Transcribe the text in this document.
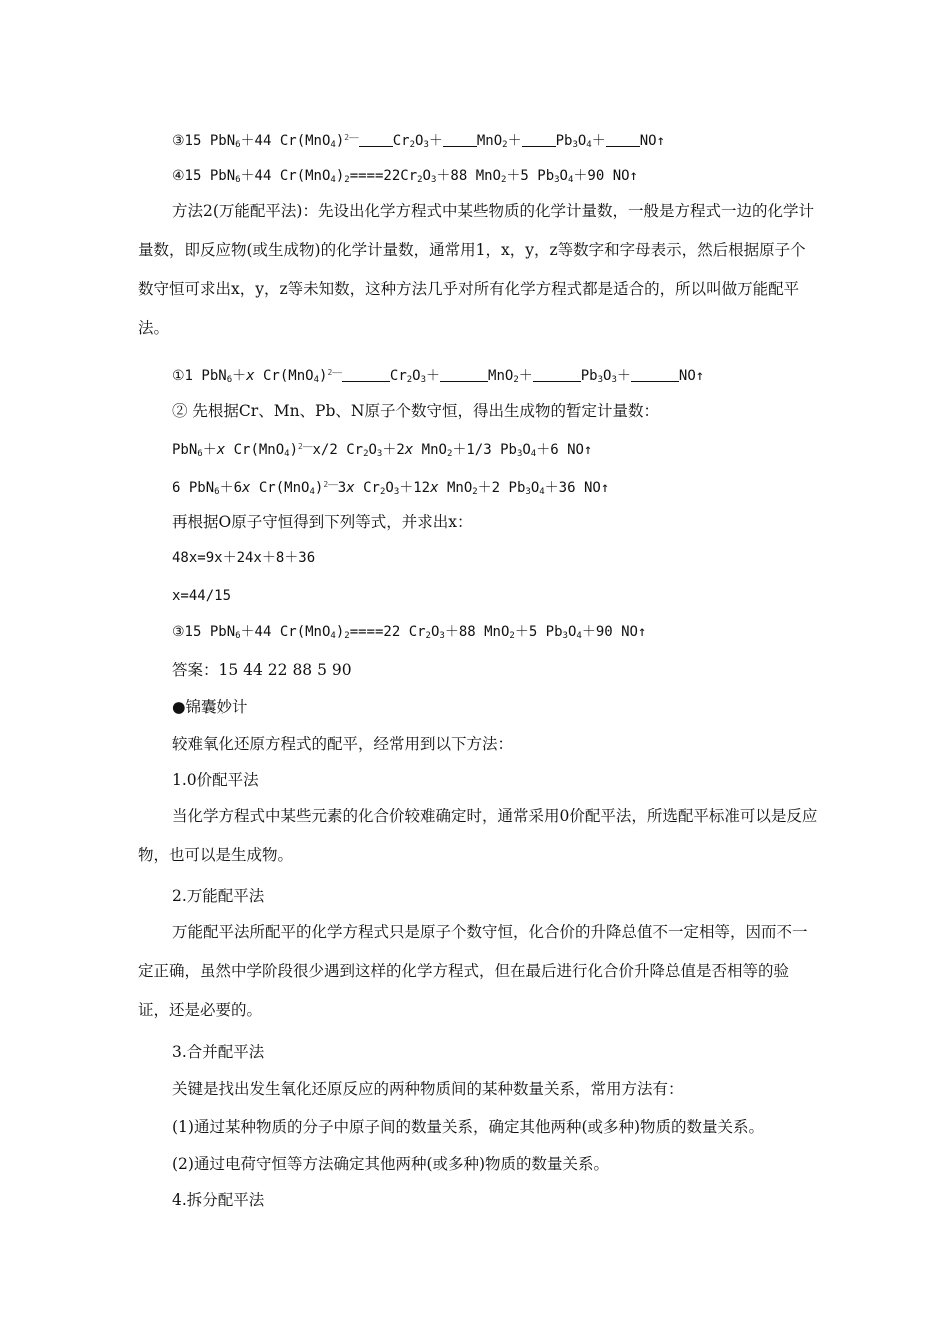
③15 PbN$_6$＋44 $Cr(MnO_4)^{2——}$ $Cr_2O_3+ MnO_2+ Pb_3O_4+$ NO↑
④15 PbN$_6$＋44 $Cr(MnO_4)_2====22Cr_2O_3+88$ MnO$_2$＋5 $Pb_3O_4+90$ NO↑
方法2(万能配平法)：先设出化学方程式中某些物质的化学计量数，一般是方程式一边的化学计量数，即反应物(或生成物)的化学计量数，通常用1，x，y，z等数字和字母表示，然后根据原子个数守恒可求出x，y，z等未知数，这种方法几乎对所有化学方程式都是适合的，所以叫做万能配平法。
①1 PbN$_6$＋x $Cr(MnO_4)^{2——}$	$Cr_2O_3+$	MnO$_2$＋	$Pb_3O_3+$	NO↑
② 先根据Cr、Mn、Pb、N原子个数守恒，得出生成物的暂定计量数：
PbN$_6$＋x $Cr(MnO_4)^{2——}x/2$ $Cr_2O_3+2x$ MnO$_2$＋1/3 $Pb_3O_4+6$ NO↑
6 PbN$_6$＋6x $Cr(MnO_4)^{2——}3x$ $Cr_2O_3+12x$ MnO$_2$＋2 $Pb_3O_4+36$ NO↑
再根据O原子守恒得到下列等式，并求出x：
48x=9x＋24x＋8＋36
x=44/15
③15 PbN$_6$＋44 $Cr(MnO_4)_2====22$ $Cr_2O_3+88$ MnO$_2$＋5 $Pb_3O_4+90$ NO↑
答案：15 44 22 88 5 90
●锦囊妙计
较难氧化还原方程式的配平，经常用到以下方法：
1.0价配平法
当化学方程式中某些元素的化合价较难确定时，通常采用0价配平法，所选配平标准可以是反应物，也可以是生成物。
2.万能配平法
万能配平法所配平的化学方程式只是原子个数守恒，化合价的升降总值不一定相等，因而不一定正确，虽然中学阶段很少遇到这样的化学方程式，但在最后进行化合价升降总值是否相等的验证，还是必要的。
3.合并配平法
关键是找出发生氧化还原反应的两种物质间的某种数量关系，常用方法有：
(1)通过某种物质的分子中原子间的数量关系，确定其他两种(或多种)物质的数量关系。
(2)通过电荷守恒等方法确定其他两种(或多种)物质的数量关系。
4.拆分配平法
